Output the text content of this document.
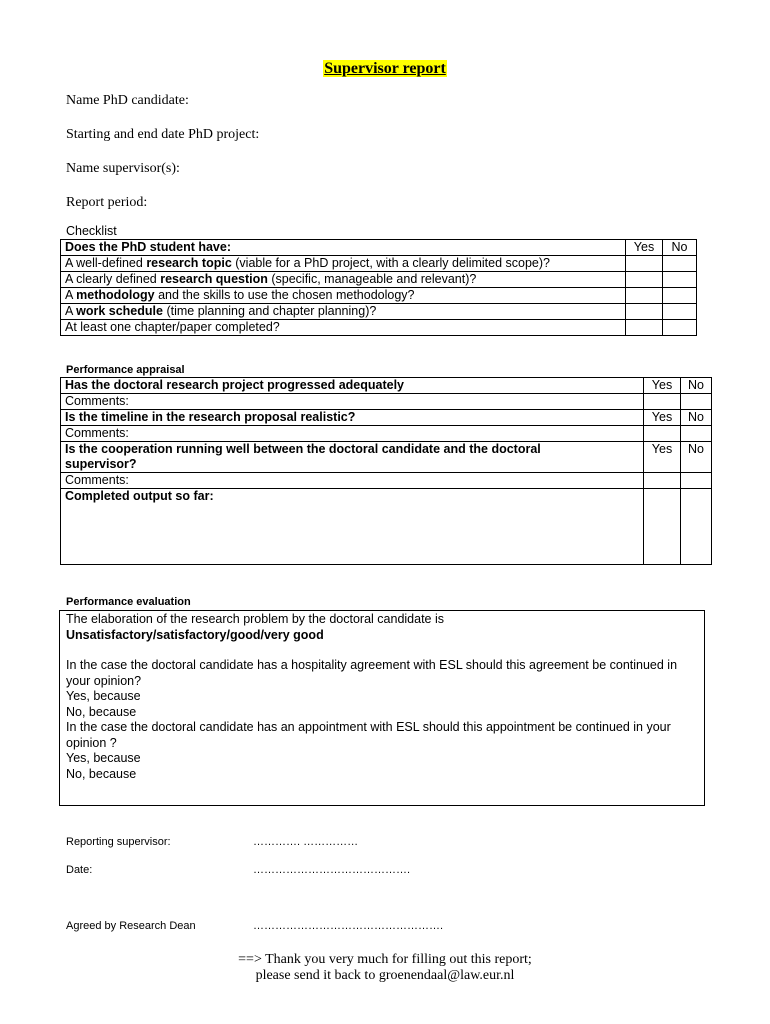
Supervisor report
Name PhD candidate:
Starting and end date PhD project:
Name supervisor(s):
Report period:
Checklist
Does the PhD student have:	Yes	No
A well-defined research topic (viable for a PhD project, with a clearly delimited scope)?		
A clearly defined research question (specific, manageable and relevant)?		
A methodology and the skills to use the chosen methodology?		
A work schedule (time planning and chapter planning)?		
At least one chapter/paper completed?		
Performance appraisal
Has the doctoral research project progressed adequately	Yes	No
Comments:		
Is the timeline in the research proposal realistic?	Yes	No
Comments:		
Is the cooperation running well between the doctoral candidate and the doctoral supervisor?	Yes	No
Comments:		
Completed output so far:		
Performance evaluation
The elaboration of the research problem by the doctoral candidate is
Unsatisfactory/satisfactory/good/very good
In the case the doctoral candidate has a hospitality agreement with ESL should this agreement be continued in your opinion?
Yes, because
No, because
In the case the doctoral candidate has an appointment with ESL should this appointment be continued in your opinion ?
Yes, because
No, because
Reporting supervisor:	…………. ……………
Date:	…………………………………….
Agreed by Research Dean	…………………………………………….
==> Thank you very much for filling out this report;
please send it back to groenendaal@law.eur.nl
